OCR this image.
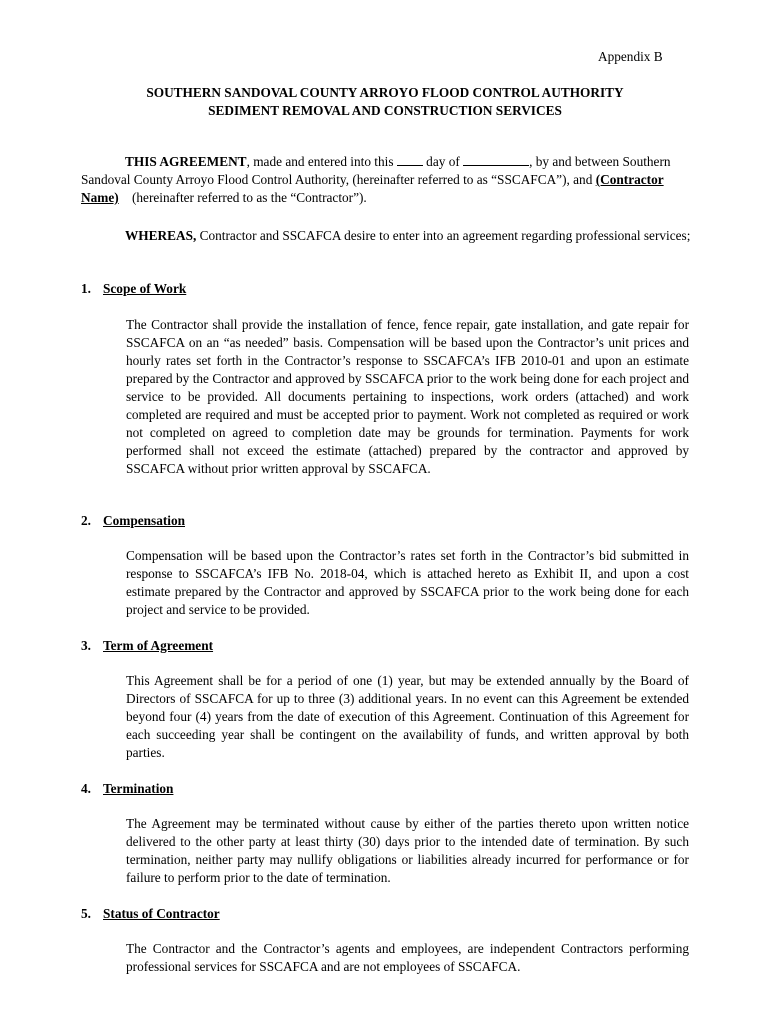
Appendix B
SOUTHERN SANDOVAL COUNTY ARROYO FLOOD CONTROL AUTHORITY
SEDIMENT REMOVAL AND CONSTRUCTION SERVICES
THIS AGREEMENT, made and entered into this  day of	, by and between Southern Sandoval County Arroyo Flood Control Authority, (hereinafter referred to as “SSCAFCA”), and (Contractor Name)    (hereinafter referred to as the “Contractor”).
WHEREAS, Contractor and SSCAFCA desire to enter into an agreement regarding professional services;
1. Scope of Work
The Contractor shall provide the installation of fence, fence repair, gate installation, and gate repair for SSCAFCA on an “as needed” basis. Compensation will be based upon the Contractor’s unit prices and hourly rates set forth in the Contractor’s response to SSCAFCA’s IFB 2010-01 and upon an estimate prepared by the Contractor and approved by SSCAFCA prior to the work being done for each project and service to be provided. All documents pertaining to inspections, work orders (attached) and work completed are required and must be accepted prior to payment. Work not completed as required or work not completed on agreed to completion date may be grounds for termination. Payments for work performed shall not exceed the estimate (attached) prepared by the contractor and approved by SSCAFCA without prior written approval by SSCAFCA.
2. Compensation
Compensation will be based upon the Contractor’s rates set forth in the Contractor’s bid submitted in response to SSCAFCA’s IFB No. 2018-04, which is attached hereto as Exhibit II, and upon a cost estimate prepared by the Contractor and approved by SSCAFCA prior to the work being done for each project and service to be provided.
3. Term of Agreement
This Agreement shall be for a period of one (1) year, but may be extended annually by the Board of Directors of SSCAFCA for up to three (3) additional years. In no event can this Agreement be extended beyond four (4) years from the date of execution of this Agreement. Continuation of this Agreement for each succeeding year shall be contingent on the availability of funds, and written approval by both parties.
4. Termination
The Agreement may be terminated without cause by either of the parties thereto upon written notice delivered to the other party at least thirty (30) days prior to the intended date of termination. By such termination, neither party may nullify obligations or liabilities already incurred for performance or for failure to perform prior to the date of termination.
5. Status of Contractor
The Contractor and the Contractor’s agents and employees, are independent Contractors performing professional services for SSCAFCA and are not employees of SSCAFCA.
